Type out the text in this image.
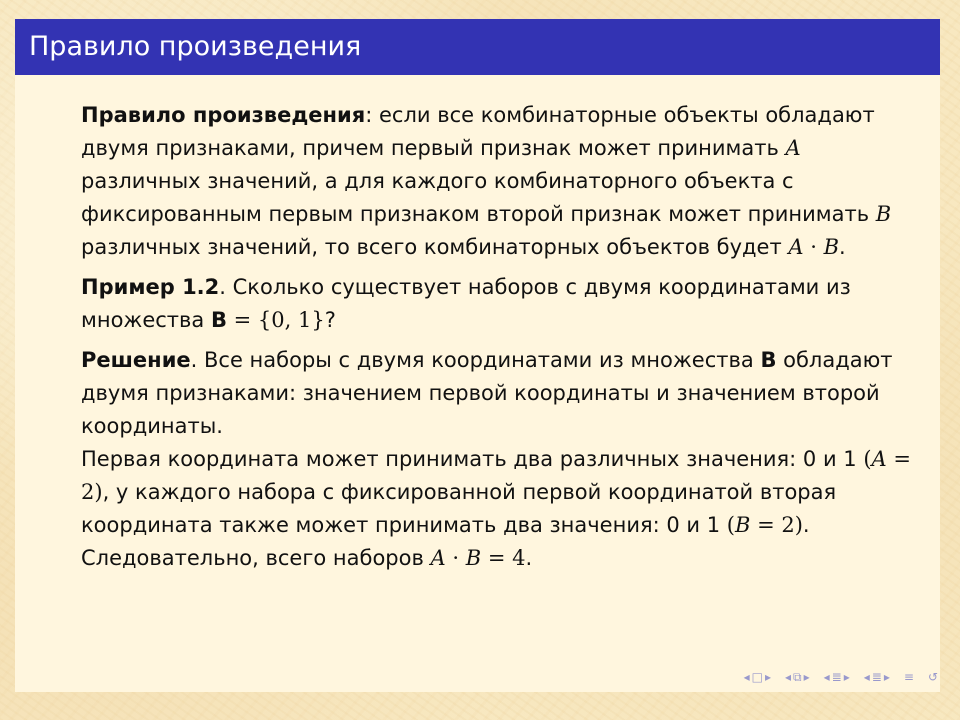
Правило произведения
Правило произведения: если все комбинаторные объекты обладают двумя признаками, причем первый признак может принимать A различных значений, а для каждого комбинаторного объекта с фиксированным первым признаком второй признак может принимать B различных значений, то всего комбинаторных объектов будет A · B.
Пример 1.2. Сколько существует наборов с двумя координатами из множества B = {0, 1}?
Решение. Все наборы с двумя координатами из множества B обладают двумя признаками: значением первой координаты и значением второй координаты.
Первая координата может принимать два различных значения: 0 и 1 (A = 2), у каждого набора с фиксированной первой координатой вторая координата также может принимать два значения: 0 и 1 (B = 2).
Следовательно, всего наборов A · B = 4.
◂ □ ▸ ◂ ⧉ ▸ ◂ ≣ ▸ ◂ ≣ ▸ ≡ ↺
